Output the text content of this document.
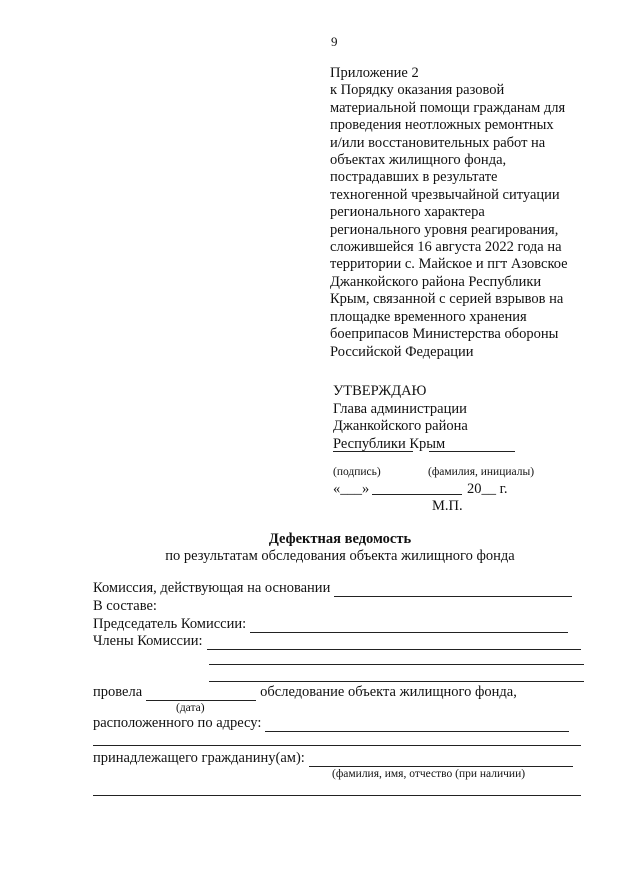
9
Приложение 2
к Порядку оказания разовой
материальной помощи гражданам для
проведения неотложных ремонтных
и/или восстановительных работ на
объектах жилищного фонда,
пострадавших в результате
техногенной чрезвычайной ситуации
регионального характера
регионального уровня реагирования,
сложившейся 16 августа 2022 года на
территории с. Майское и пгт Азовское
Джанкойского района Республики
Крым, связанной с серией взрывов на
площадке временного хранения
боеприпасов Министерства обороны
Российской Федерации
УТВЕРЖДАЮ
Глава администрации
Джанкойского района
Республики Крым
(подпись)	(фамилия, инициалы)
«___»	20__ г.
М.П.
Дефектная ведомость
по результатам обследования объекта жилищного фонда
Комиссия, действующая на основании
В составе:
Председатель Комиссии:
Члены Комиссии:
провела	обследование объекта жилищного фонда,
(дата)
расположенного по адресу:
принадлежащего гражданину(ам):
(фамилия, имя, отчество (при наличии)
